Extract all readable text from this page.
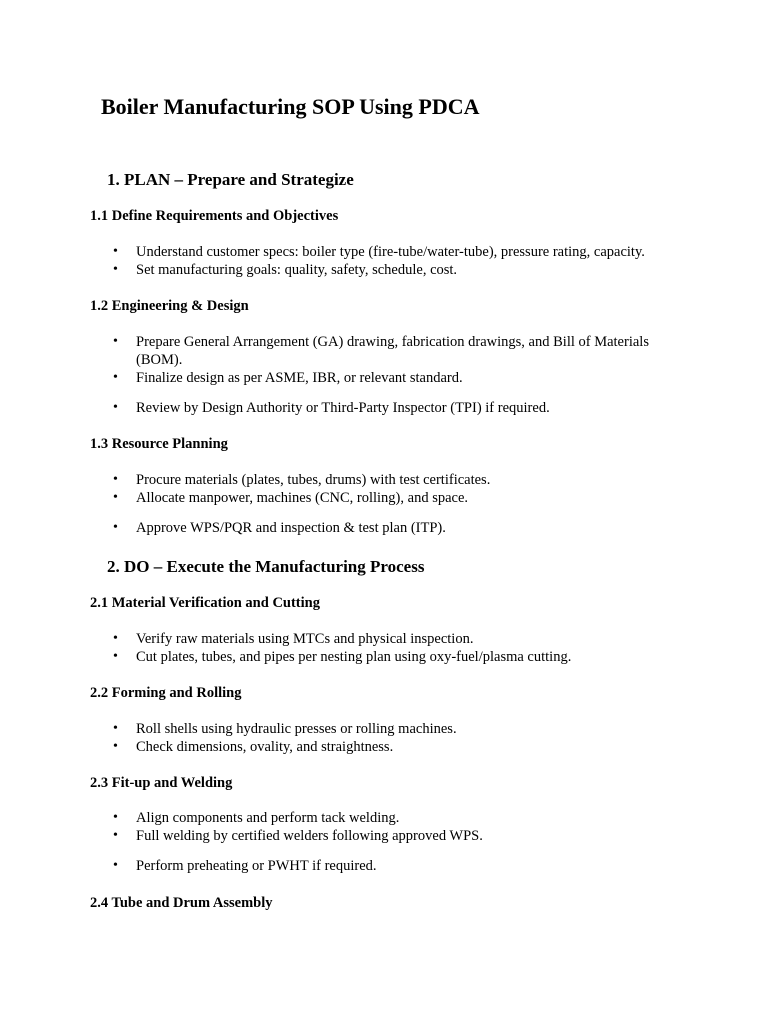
Boiler Manufacturing SOP Using PDCA
1. PLAN – Prepare and Strategize
1.1 Define Requirements and Objectives
• Understand customer specs: boiler type (fire-tube/water-tube), pressure rating, capacity.
• Set manufacturing goals: quality, safety, schedule, cost.
1.2 Engineering & Design
• Prepare General Arrangement (GA) drawing, fabrication drawings, and Bill of Materials (BOM).
• Finalize design as per ASME, IBR, or relevant standard.
• Review by Design Authority or Third-Party Inspector (TPI) if required.
1.3 Resource Planning
• Procure materials (plates, tubes, drums) with test certificates.
• Allocate manpower, machines (CNC, rolling), and space.
• Approve WPS/PQR and inspection & test plan (ITP).
2. DO – Execute the Manufacturing Process
2.1 Material Verification and Cutting
• Verify raw materials using MTCs and physical inspection.
• Cut plates, tubes, and pipes per nesting plan using oxy-fuel/plasma cutting.
2.2 Forming and Rolling
• Roll shells using hydraulic presses or rolling machines.
• Check dimensions, ovality, and straightness.
2.3 Fit-up and Welding
• Align components and perform tack welding.
• Full welding by certified welders following approved WPS.
• Perform preheating or PWHT if required.
2.4 Tube and Drum Assembly
